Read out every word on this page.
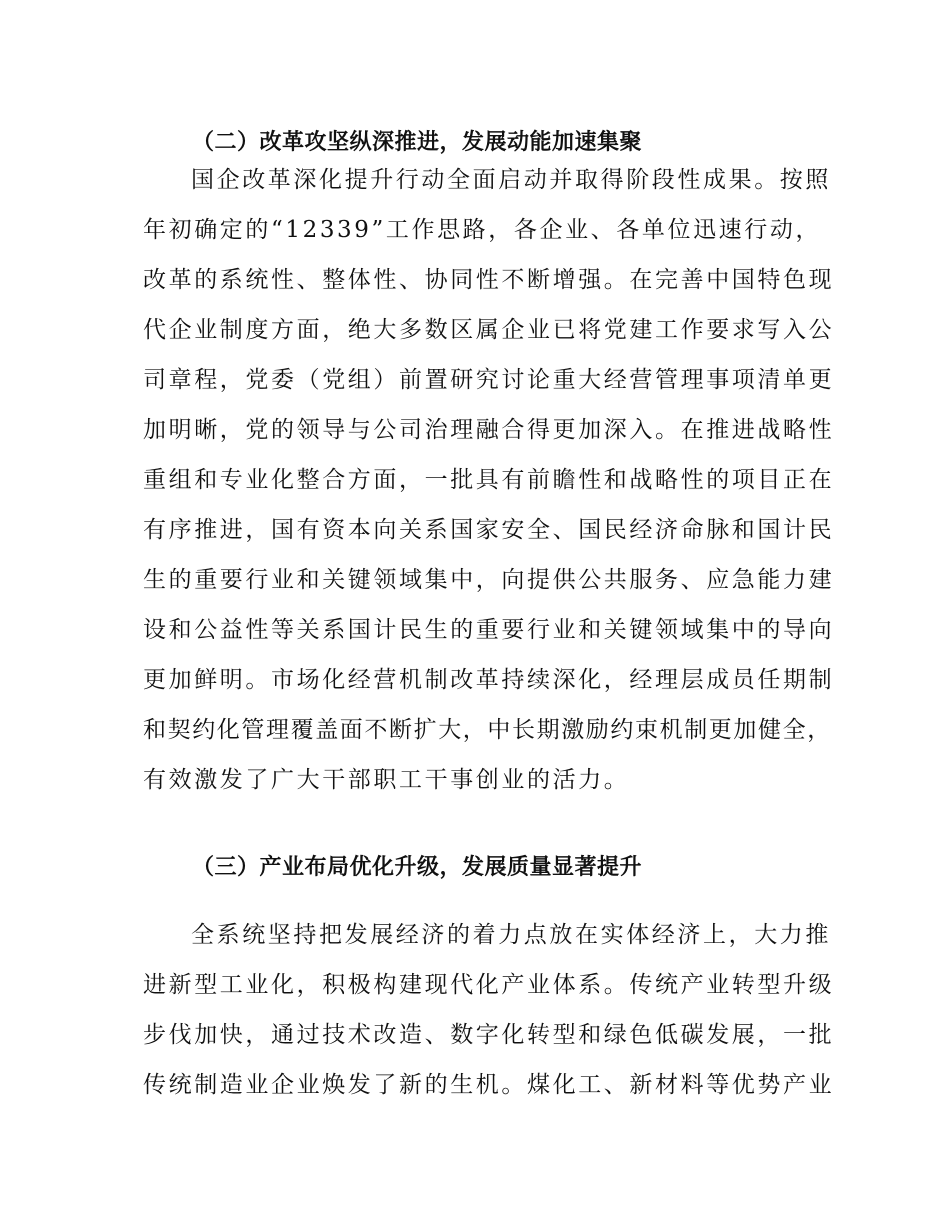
（二）改革攻坚纵深推进，发展动能加速集聚
国企改革深化提升行动全面启动并取得阶段性成果。按照
年初确定的“12339”工作思路，各企业、各单位迅速行动，
改革的系统性、整体性、协同性不断增强。在完善中国特色现
代企业制度方面，绝大多数区属企业已将党建工作要求写入公
司章程，党委（党组）前置研究讨论重大经营管理事项清单更
加明晰，党的领导与公司治理融合得更加深入。在推进战略性
重组和专业化整合方面，一批具有前瞻性和战略性的项目正在
有序推进，国有资本向关系国家安全、国民经济命脉和国计民
生的重要行业和关键领域集中，向提供公共服务、应急能力建
设和公益性等关系国计民生的重要行业和关键领域集中的导向
更加鲜明。市场化经营机制改革持续深化，经理层成员任期制
和契约化管理覆盖面不断扩大，中长期激励约束机制更加健全，
有效激发了广大干部职工干事创业的活力。
（三）产业布局优化升级，发展质量显著提升
全系统坚持把发展经济的着力点放在实体经济上，大力推
进新型工业化，积极构建现代化产业体系。传统产业转型升级
步伐加快，通过技术改造、数字化转型和绿色低碳发展，一批
传统制造业企业焕发了新的生机。煤化工、新材料等优势产业
